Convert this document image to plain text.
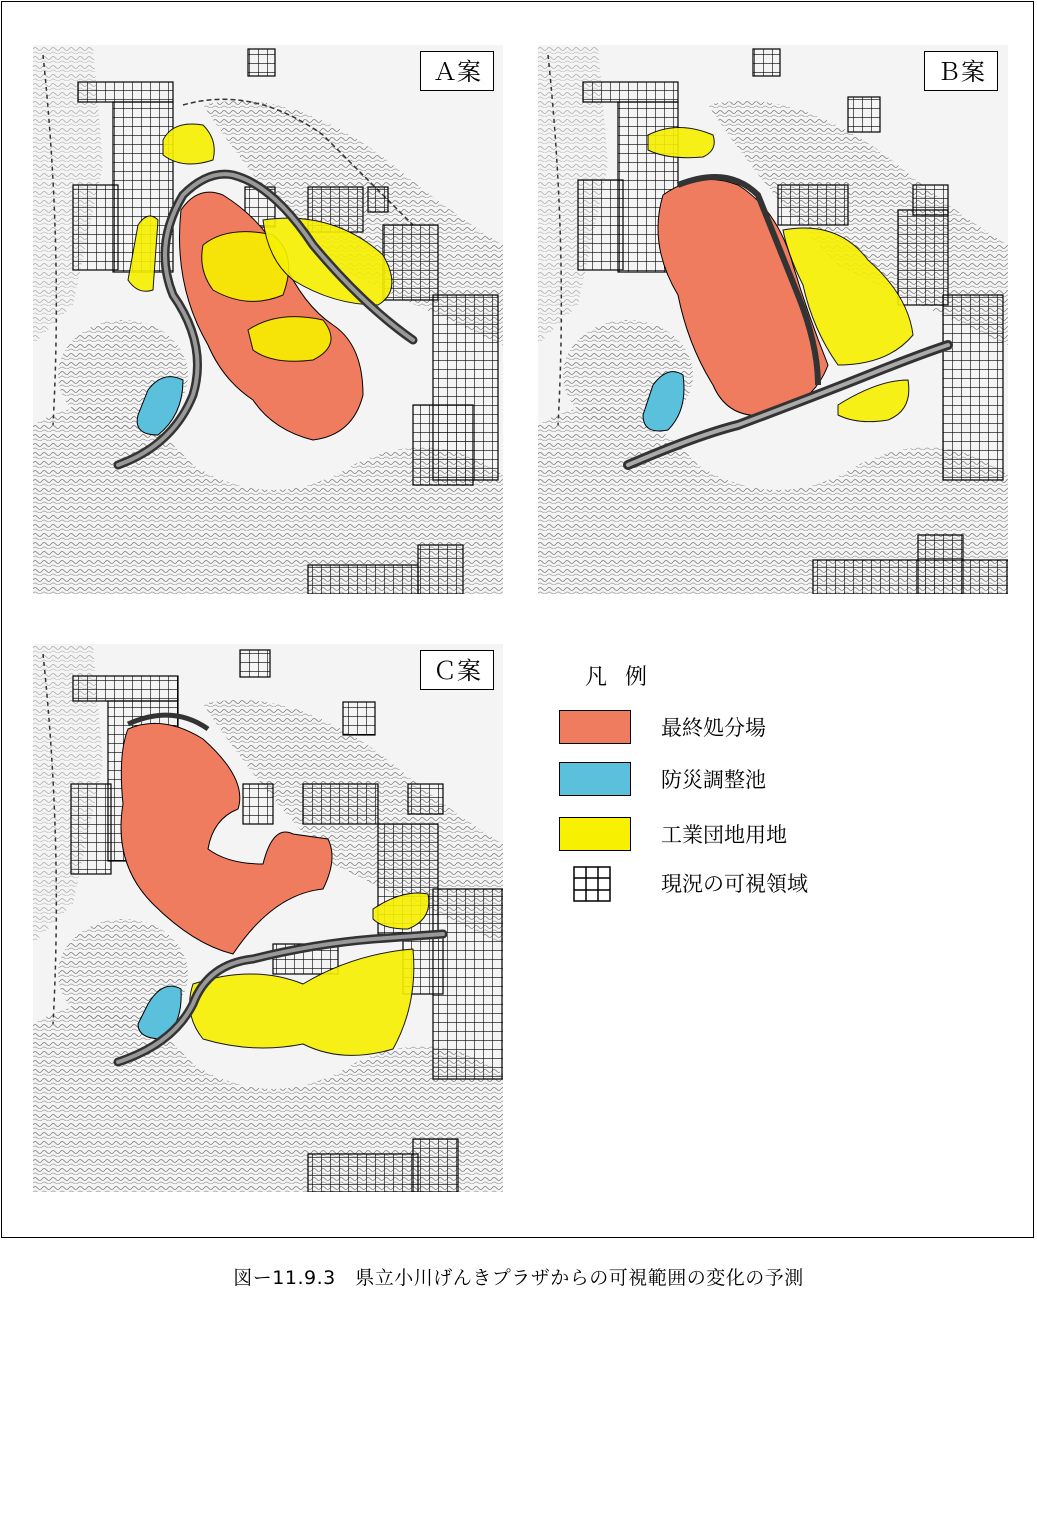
Ａ案	Ｂ案
Ｃ案	凡例
最終処分場
防災調整池
工業団地用地
現況の可視領域
図ー11.9.3　県立小川げんきプラザからの可視範囲の変化の予測
